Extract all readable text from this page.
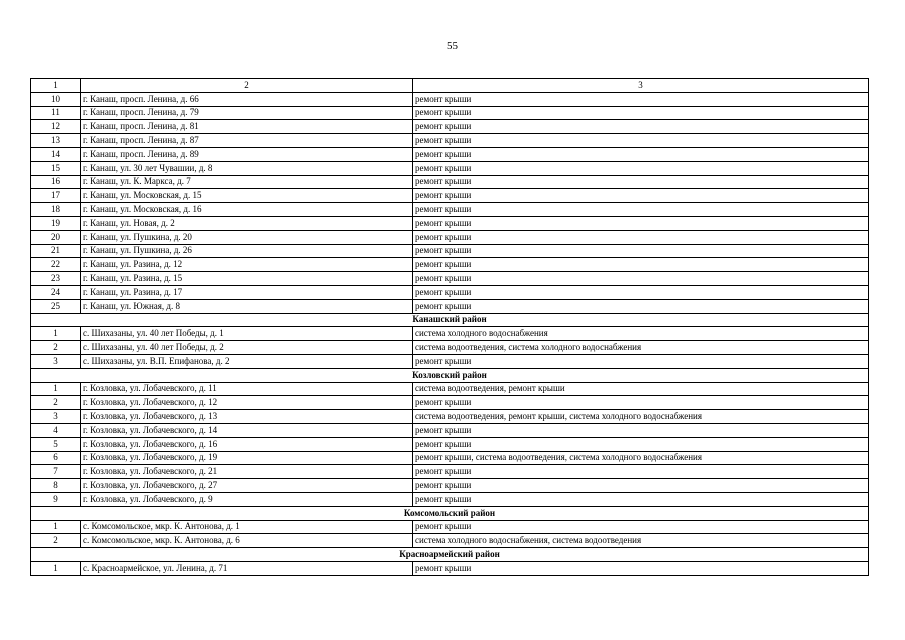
55
1	2	3
10	г. Канаш, просп. Ленина, д. 66	ремонт крыши
11	г. Канаш, просп. Ленина, д. 79	ремонт крыши
12	г. Канаш, просп. Ленина, д. 81	ремонт крыши
13	г. Канаш, просп. Ленина, д. 87	ремонт крыши
14	г. Канаш, просп. Ленина, д. 89	ремонт крыши
15	г. Канаш, ул. 30 лет Чувашии, д. 8	ремонт крыши
16	г. Канаш, ул. К. Маркса, д. 7	ремонт крыши
17	г. Канаш, ул. Московская, д. 15	ремонт крыши
18	г. Канаш, ул. Московская, д. 16	ремонт крыши
19	г. Канаш, ул. Новая, д. 2	ремонт крыши
20	г. Канаш, ул. Пушкина, д. 20	ремонт крыши
21	г. Канаш, ул. Пушкина, д. 26	ремонт крыши
22	г. Канаш, ул. Разина, д. 12	ремонт крыши
23	г. Канаш, ул. Разина, д. 15	ремонт крыши
24	г. Канаш, ул. Разина, д. 17	ремонт крыши
25	г. Канаш, ул. Южная, д. 8	ремонт крыши
Канашский район		
1	с. Шихазаны, ул. 40 лет Победы, д. 1	система холодного водоснабжения
2	с. Шихазаны, ул. 40 лет Победы, д. 2	система водоотведения, система холодного водоснабжения
3	с. Шихазаны, ул. В.П. Епифанова, д. 2	ремонт крыши
Козловский район		
1	г. Козловка, ул. Лобачевского, д. 11	система водоотведения, ремонт крыши
2	г. Козловка, ул. Лобачевского, д. 12	ремонт крыши
3	г. Козловка, ул. Лобачевского, д. 13	система водоотведения, ремонт крыши, система холодного водоснабжения
4	г. Козловка, ул. Лобачевского, д. 14	ремонт крыши
5	г. Козловка, ул. Лобачевского, д. 16	ремонт крыши
6	г. Козловка, ул. Лобачевского, д. 19	ремонт крыши, система водоотведения, система холодного водоснабжения
7	г. Козловка, ул. Лобачевского, д. 21	ремонт крыши
8	г. Козловка, ул. Лобачевского, д. 27	ремонт крыши
9	г. Козловка, ул. Лобачевского, д. 9	ремонт крыши
Комсомольский район		
1	с. Комсомольское, мкр. К. Антонова, д. 1	ремонт крыши
2	с. Комсомольское, мкр. К. Антонова, д. 6	система холодного водоснабжения, система водоотведения
Красноармейский район		
1	с. Красноармейское, ул. Ленина, д. 71	ремонт крыши
